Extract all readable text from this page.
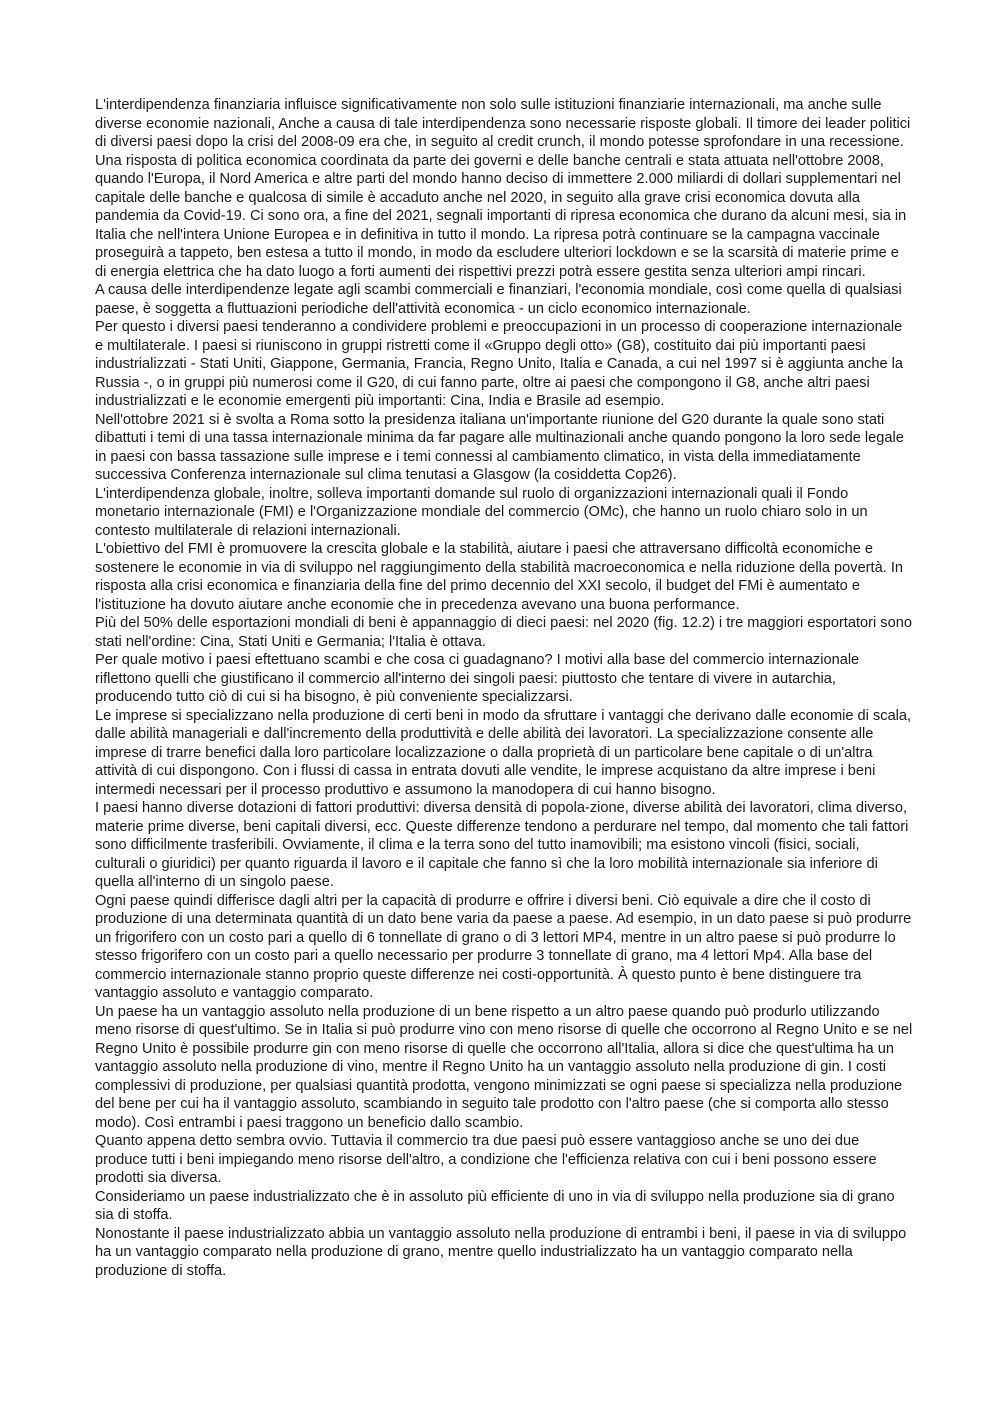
L'interdipendenza finanziaria influisce significativamente non solo sulle istituzioni finanziarie internazionali, ma anche sulle diverse economie nazionali, Anche a causa di tale interdipendenza sono necessarie risposte globali. Il timore dei leader politici di diversi paesi dopo la crisi del 2008-09 era che, in seguito al credit crunch, il mondo potesse sprofondare in una recessione.

Una risposta di politica economica coordinata da parte dei governi e delle banche centrali e stata attuata nell'ottobre 2008, quando l'Europa, il Nord America e altre parti del mondo hanno deciso di immettere 2.000 miliardi di dollari supplementari nel capitale delle banche e qualcosa di simile è accaduto anche nel 2020, in seguito alla grave crisi economica dovuta alla pandemia da Covid-19. Ci sono ora, a fine del 2021, segnali importanti di ripresa economica che durano da alcuni mesi, sia in Italia che nell'intera Unione Europea e in definitiva in tutto il mondo. La ripresa potrà continuare se la campagna vaccinale proseguirà a tappeto, ben estesa a tutto il mondo, in modo da escludere ulteriori lockdown e se la scarsità di materie prime e di energia elettrica che ha dato luogo a forti aumenti dei rispettivi prezzi potrà essere gestita senza ulteriori ampi rincari.

A causa delle interdipendenze legate agli scambi commerciali e finanziari, l'economia mondiale, così come quella di qualsiasi paese, è soggetta a fluttuazioni periodiche dell'attività economica - un ciclo economico internazionale.

Per questo i diversi paesi tenderanno a condividere problemi e preoccupazioni in un processo di cooperazione internazionale e multilaterale. I paesi si riuniscono in gruppi ristretti come il «Gruppo degli otto» (G8), costituito dai più importanti paesi industrializzati - Stati Uniti, Giappone, Germania, Francia, Regno Unito, Italia e Canada, a cui nel 1997 si è aggiunta anche la Russia -, o in gruppi più numerosi come il G20, di cui fanno parte, oltre ai paesi che compongono il G8, anche altri paesi industrializzati e le economie emergenti più importanti: Cina, India e Brasile ad esempio.

Nell'ottobre 2021 si è svolta a Roma sotto la presidenza italiana un'importante riunione del G20 durante la quale sono stati dibattuti i temi di una tassa internazionale minima da far pagare alle multinazionali anche quando pongono la loro sede legale in paesi con bassa tassazione sulle imprese e i temi connessi al cambiamento climatico, in vista della immediatamente successiva Conferenza internazionale sul clima tenutasi a Glasgow (la cosiddetta Cop26).

L'interdipendenza globale, inoltre, solleva importanti domande sul ruolo di organizzazioni internazionali quali il Fondo monetario internazionale (FMI) e l'Organizzazione mondiale del commercio (OMc), che hanno un ruolo chiaro solo in un contesto multilaterale di relazioni internazionali.

L'obiettivo del FMI è promuovere la crescita globale e la stabilità, aiutare i paesi che attraversano difficoltà economiche e sostenere le economie in via di sviluppo nel raggiungimento della stabilità macroeconomica e nella riduzione della povertà. In risposta alla crisi economica e finanziaria della fine del primo decennio del XXI secolo, il budget del FMi è aumentato e l'istituzione ha dovuto aiutare anche economie che in precedenza avevano una buona performance.

Più del 50% delle esportazioni mondiali di beni è appannaggio di dieci paesi: nel 2020 (fig. 12.2) i tre maggiori esportatori sono stati nell'ordine: Cina, Stati Uniti e Germania; l'Italia è ottava.

Per quale motivo i paesi eftettuano scambi e che cosa ci guadagnano? I motivi alla base del commercio internazionale riflettono quelli che giustificano il commercio all'interno dei singoli paesi: piuttosto che tentare di vivere in autarchia, producendo tutto ciò di cui si ha bisogno, è più conveniente specializzarsi.

Le imprese si specializzano nella produzione di certi beni in modo da sfruttare i vantaggi che derivano dalle economie di scala, dalle abilità manageriali e dall'incremento della produttività e delle abilità dei lavoratori. La specializzazione consente alle imprese di trarre benefici dalla loro particolare localizzazione o dalla proprietà di un particolare bene capitale o di un'altra attività di cui dispongono. Con i flussi di cassa in entrata dovuti alle vendite, le imprese acquistano da altre imprese i beni intermedi necessari per il processo produttivo e assumono la manodopera di cui hanno bisogno.

I paesi hanno diverse dotazioni di fattori produttivi: diversa densità di popola-zione, diverse abilità dei lavoratori, clima diverso, materie prime diverse, beni capitali diversi, ecc. Queste differenze tendono a perdurare nel tempo, dal momento che tali fattori sono difficilmente trasferibili. Ovviamente, il clima e la terra sono del tutto inamovibili; ma esistono vincoli (fisici, sociali, culturali o giuridici) per quanto riguarda il lavoro e il capitale che fanno sì che la loro mobilità internazionale sia inferiore di quella all'interno di un singolo paese.

Ogni paese quindi differisce dagli altri per la capacità di produrre e offrire i diversi beni. Ciò equivale a dire che il costo di produzione di una determinata quantità di un dato bene varia da paese a paese. Ad esempio, in un dato paese si può produrre un frigorifero con un costo pari a quello di 6 tonnellate di grano o di 3 lettori MP4, mentre in un altro paese si può produrre lo stesso frigorifero con un costo pari a quello necessario per produrre 3 tonnellate di grano, ma 4 lettori Mp4. Alla base del commercio internazionale stanno proprio queste differenze nei costi-opportunità. À questo punto è bene distinguere tra vantaggio assoluto e vantaggio comparato.

Un paese ha un vantaggio assoluto nella produzione di un bene rispetto a un altro paese quando può produrlo utilizzando meno risorse di quest'ultimo. Se in Italia si può produrre vino con meno risorse di quelle che occorrono al Regno Unito e se nel Regno Unito è possibile produrre gin con meno risorse di quelle che occorrono all'Italia, allora si dice che quest'ultima ha un vantaggio assoluto nella produzione di vino, mentre il Regno Unito ha un vantaggio assoluto nella produzione di gin. I costi complessivi di produzione, per qualsiasi quantità prodotta, vengono minimizzati se ogni paese si specializza nella produzione del bene per cui ha il vantaggio assoluto, scambiando in seguito tale prodotto con l'altro paese (che si comporta allo stesso modo). Così entrambi i paesi traggono un beneficio dallo scambio.

Quanto appena detto sembra ovvio. Tuttavia il commercio tra due paesi può essere vantaggioso anche se uno dei due produce tutti i beni impiegando meno risorse dell'altro, a condizione che l'efficienza relativa con cui i beni possono essere prodotti sia diversa.

Consideriamo un paese industrializzato che è in assoluto più efficiente di uno in via di sviluppo nella produzione sia di grano sia di stoffa.

Nonostante il paese industrializzato abbia un vantaggio assoluto nella produzione di entrambi i beni, il paese in via di sviluppo ha un vantaggio comparato nella produzione di grano, mentre quello industrializzato ha un vantaggio comparato nella produzione di stoffa.
